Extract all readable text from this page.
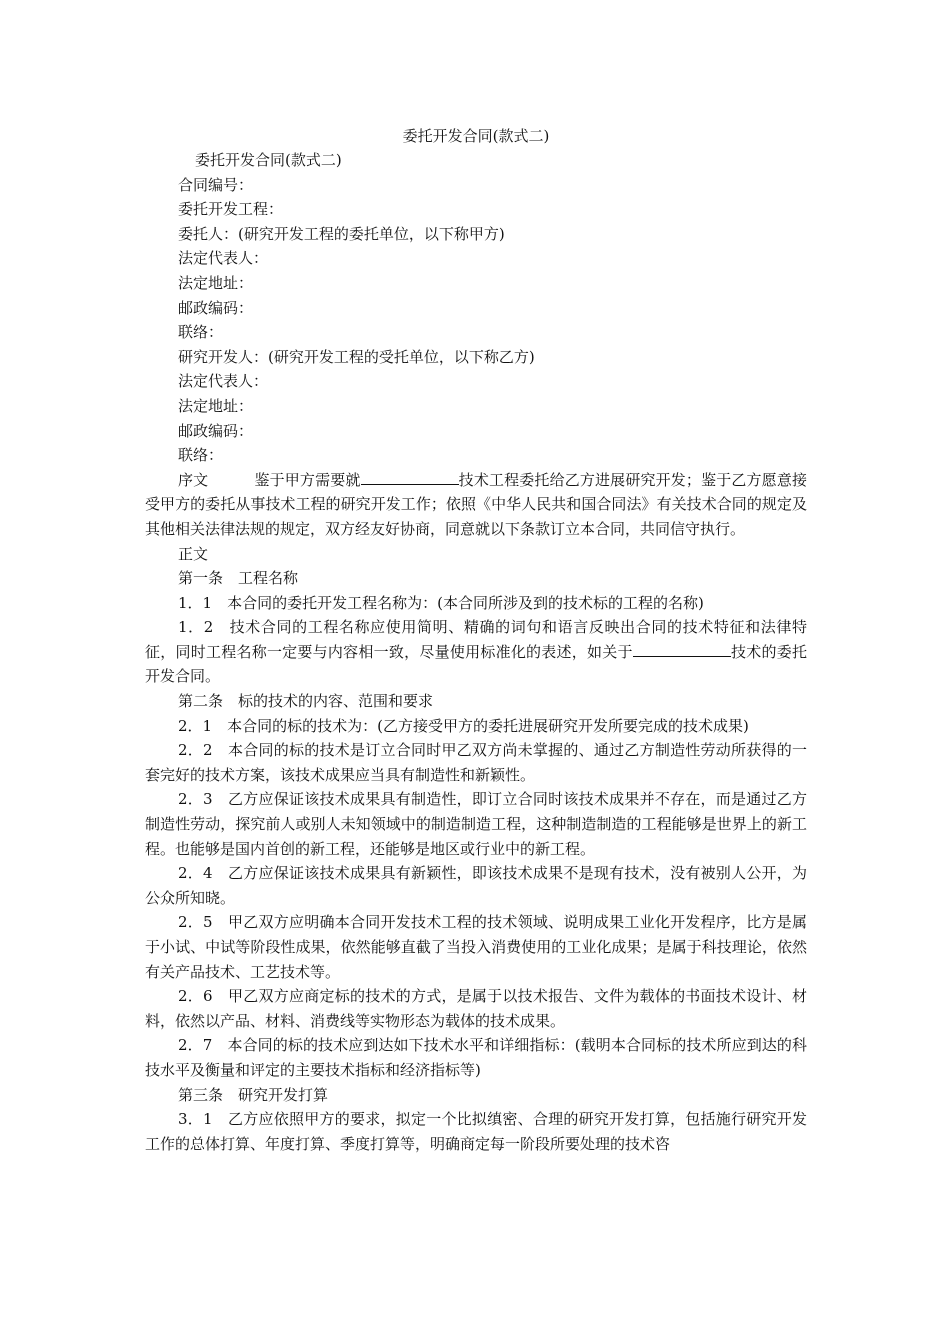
委托开发合同(款式二)
委托开发合同(款式二)
合同编号：
委托开发工程：
委托人：(研究开发工程的委托单位，以下称甲方)
法定代表人：
法定地址：
邮政编码：
联络：
研究开发人：(研究开发工程的受托单位，以下称乙方)
法定代表人：
法定地址：
邮政编码：
联络：
序文	鉴于甲方需要就	技术工程委托给乙方进展研究开发；鉴于乙方愿意接受甲方的委托从事技术工程的研究开发工作；依照《中华人民共和国合同法》有关技术合同的规定及其他相关法律法规的规定，双方经友好协商，同意就以下条款订立本合同，共同信守执行。
正文
第一条　工程名称
1．1　本合同的委托开发工程名称为：(本合同所涉及到的技术标的工程的名称)
1．2　技术合同的工程名称应使用简明、精确的词句和语言反映出合同的技术特征和法律特征，同时工程名称一定要与内容相一致，尽量使用标准化的表述，如关于	技术的委托开发合同。
第二条　标的技术的内容、范围和要求
2．1　本合同的标的技术为：(乙方接受甲方的委托进展研究开发所要完成的技术成果)
2．2　本合同的标的技术是订立合同时甲乙双方尚未掌握的、通过乙方制造性劳动所获得的一套完好的技术方案，该技术成果应当具有制造性和新颖性。
2．3　乙方应保证该技术成果具有制造性，即订立合同时该技术成果并不存在，而是通过乙方制造性劳动，探究前人或别人未知领域中的制造制造工程，这种制造制造的工程能够是世界上的新工程。也能够是国内首创的新工程，还能够是地区或行业中的新工程。
2．4　乙方应保证该技术成果具有新颖性，即该技术成果不是现有技术，没有被别人公开，为公众所知晓。
2．5　甲乙双方应明确本合同开发技术工程的技术领域、说明成果工业化开发程序，比方是属于小试、中试等阶段性成果，依然能够直截了当投入消费使用的工业化成果；是属于科技理论，依然有关产品技术、工艺技术等。
2．6　甲乙双方应商定标的技术的方式，是属于以技术报告、文件为载体的书面技术设计、材料，依然以产品、材料、消费线等实物形态为载体的技术成果。
2．7　本合同的标的技术应到达如下技术水平和详细指标：(载明本合同标的技术所应到达的科技水平及衡量和评定的主要技术指标和经济指标等)
第三条　研究开发打算
3．1　乙方应依照甲方的要求，拟定一个比拟缜密、合理的研究开发打算，包括施行研究开发工作的总体打算、年度打算、季度打算等，明确商定每一阶段所要处理的技术咨
